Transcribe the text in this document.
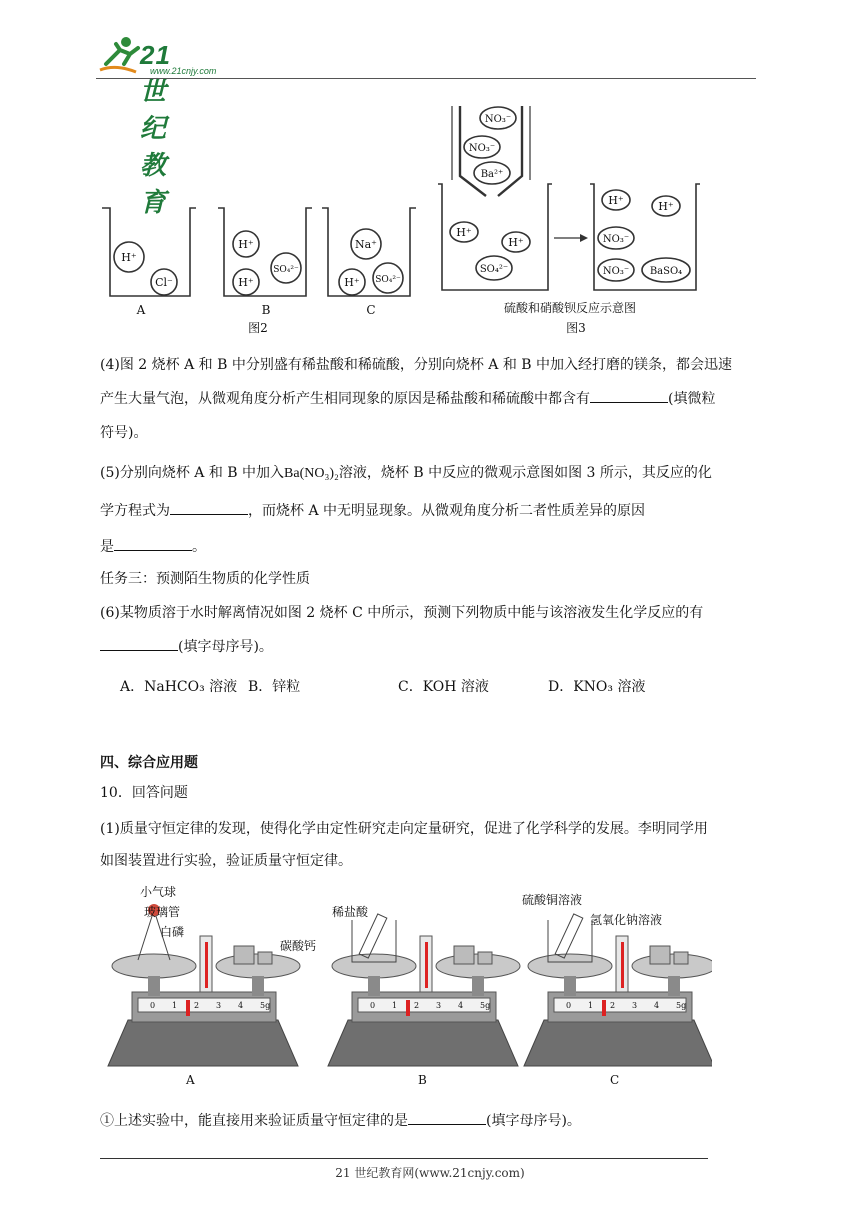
21世纪教育
www.21cnjy.com
H⁺
Cl⁻
H⁺
H⁺
SO₄²⁻
Na⁺
H⁺ SO₄²⁻
NO₃⁻
NO₃⁻
Ba²⁺
H⁺
H⁺
SO₄²⁻
H⁺	H⁺
NO₃⁻
NO₃⁻ BaSO₄
A	B	C
图2
硫酸和硝酸钡反应示意图
图3
(4)图 2 烧杯 A 和 B 中分别盛有稀盐酸和稀硫酸，分别向烧杯 A 和 B 中加入经打磨的镁条，都会迅速
产生大量气泡，从微观角度分析产生相同现象的原因是稀盐酸和稀硫酸中都含有	(填微粒
符号)。
(5)分别向烧杯 A 和 B 中加入Ba(NO₃)₂溶液，烧杯 B 中反应的微观示意图如图 3 所示，其反应的化
学方程式为	，而烧杯 A 中无明显现象。从微观角度分析二者性质差异的原因
是	。
任务三：预测陌生物质的化学性质
(6)某物质溶于水时解离情况如图 2 烧杯 C 中所示，预测下列物质中能与该溶液发生化学反应的有
(填字母序号)。
A．NaHCO₃ 溶液 B．锌粒	C．KOH 溶液	D．KNO₃ 溶液
四、综合应用题
10．回答问题
(1)质量守恒定律的发现，使得化学由定性研究走向定量研究，促进了化学科学的发展。李明同学用
如图装置进行实验，验证质量守恒定律。
0 1 2 3 4 5g	0 1 2 3 4 5g	0 1 2 3 4 5g
小气球
玻璃管
白磷
稀盐酸
碳酸钙
硫酸铜溶液
氢氧化钠溶液
A	B	C
①上述实验中，能直接用来验证质量守恒定律的是	(填字母序号)。
21 世纪教育网(www.21cnjy.com)
